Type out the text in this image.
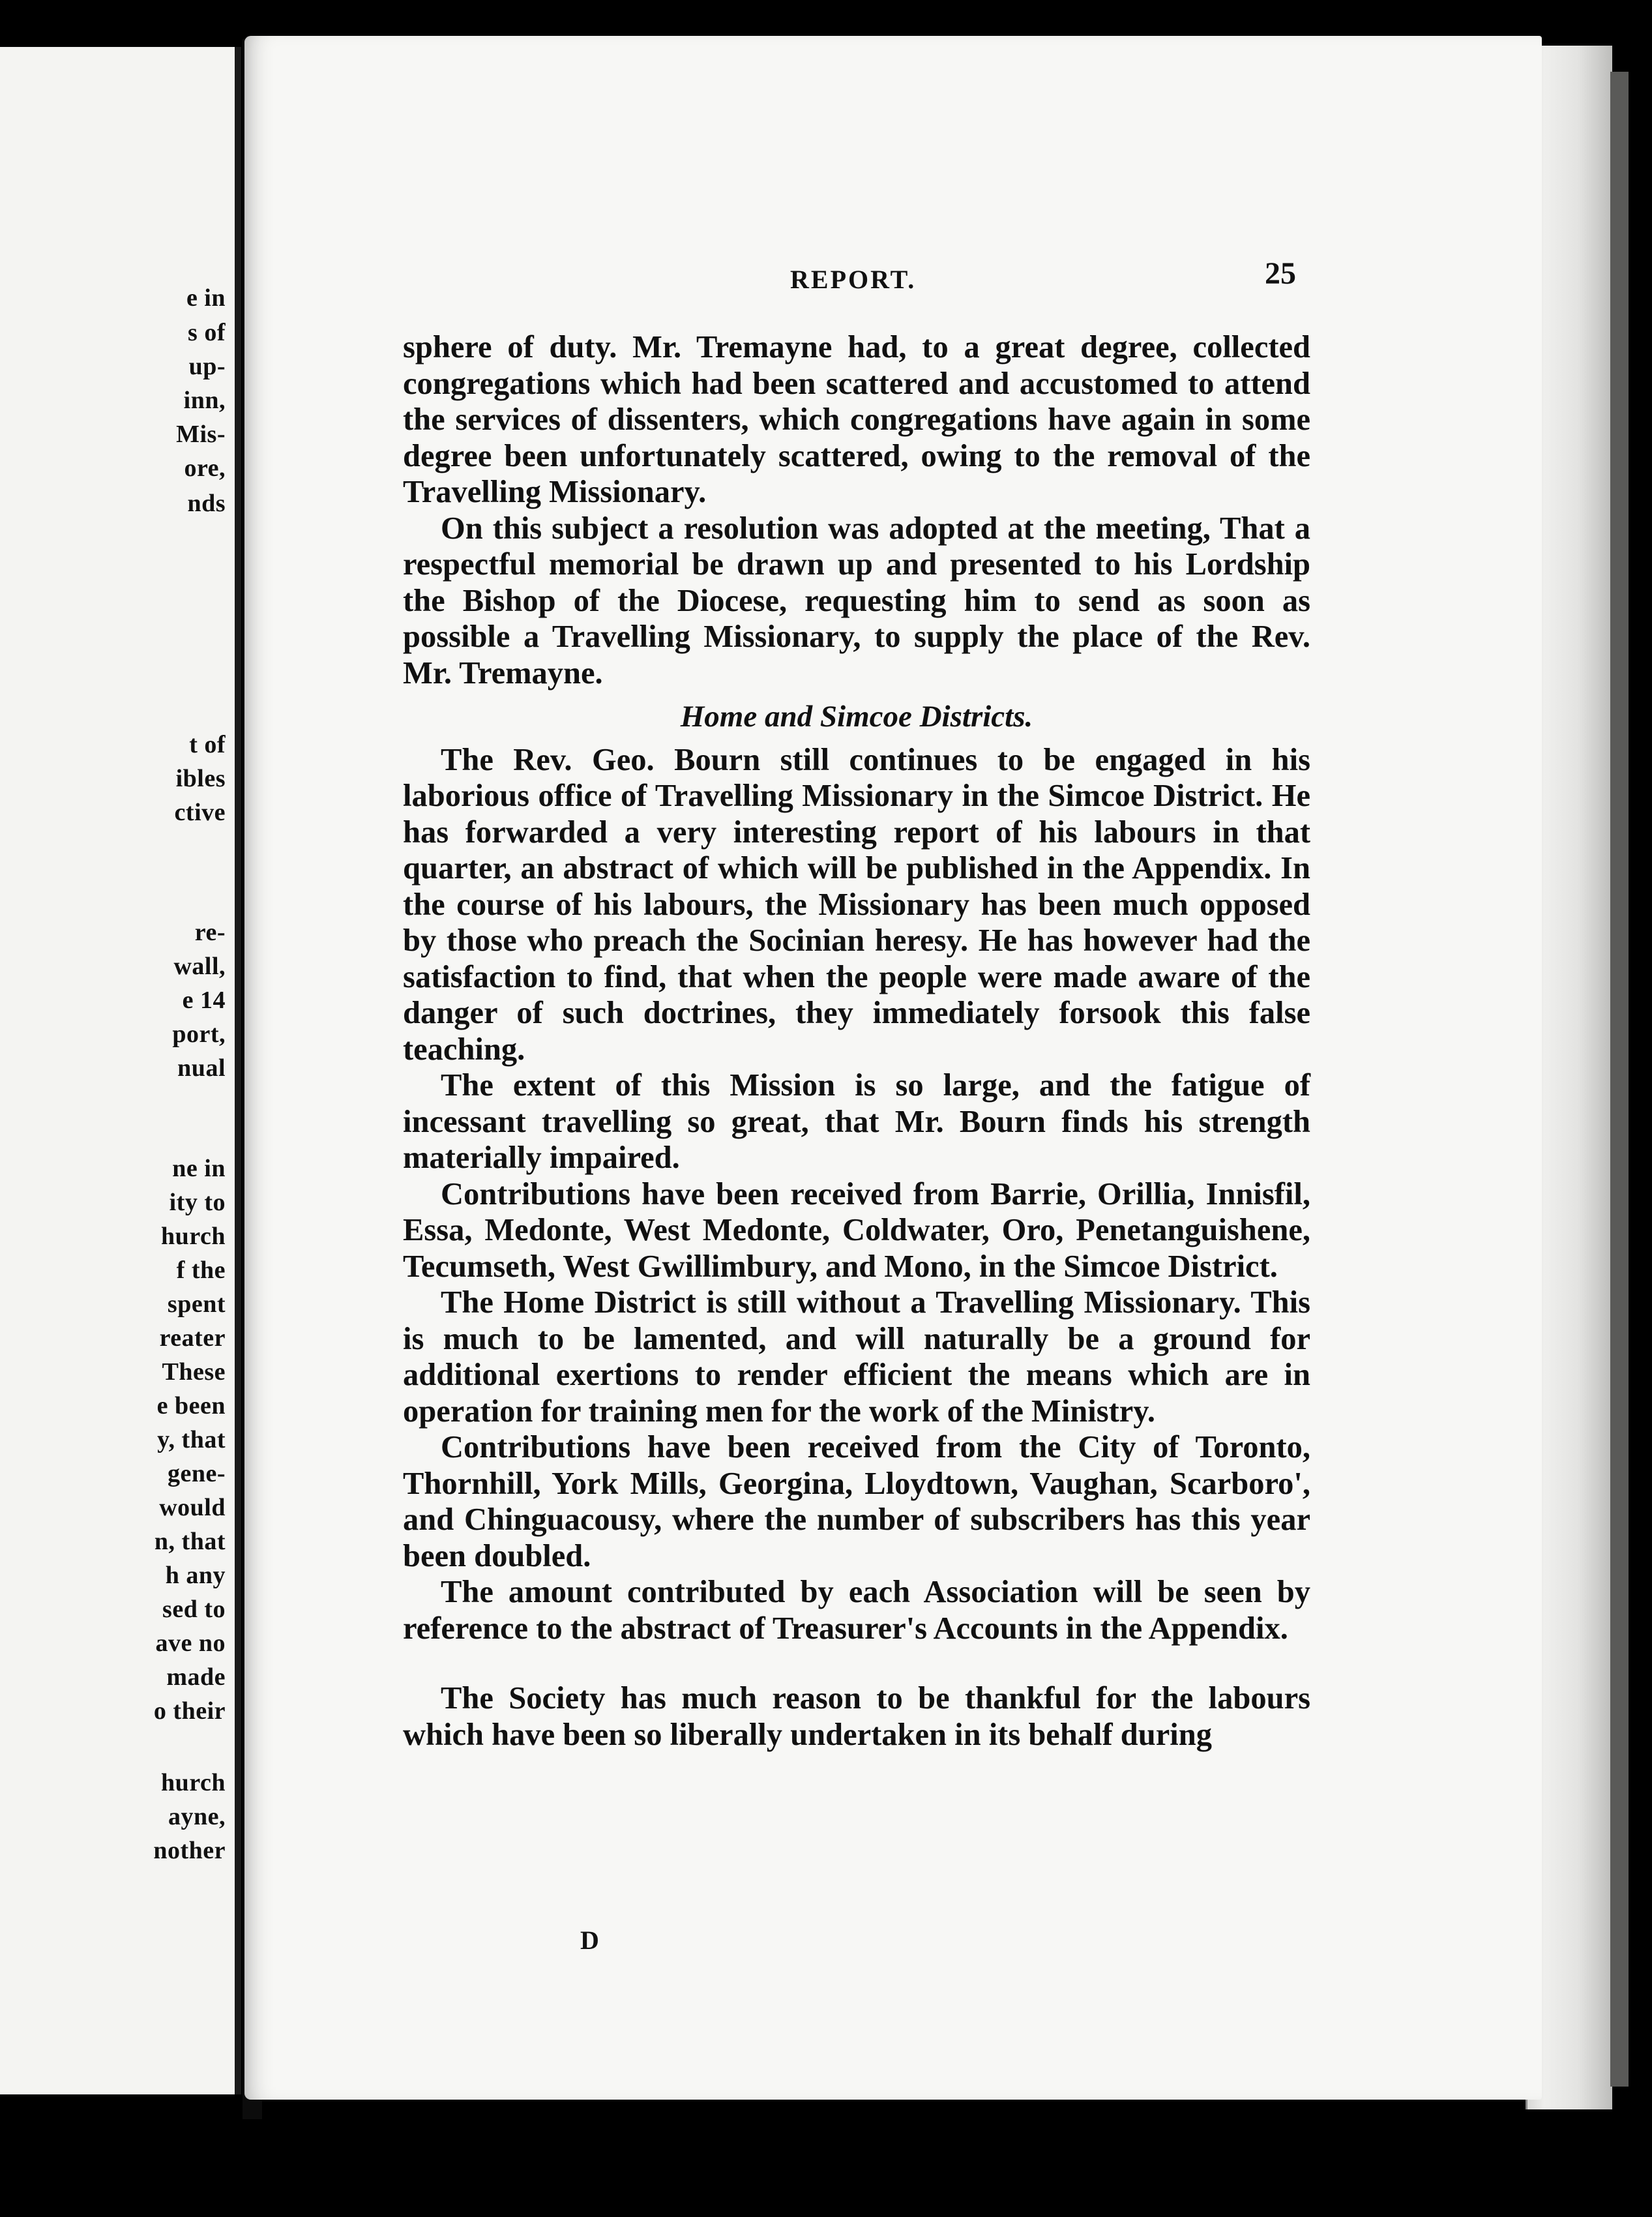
e in
s of
up-
inn,
Mis-
ore,
nds
t of
ibles
ctive
re-
wall,
e 14
port,
nual
ne in
ity to
hurch
f the
spent
reater
These
e been
y, that
gene-
would
n, that
h any
sed to
ave no
made
o their
hurch
ayne,
nother
REPORT.	25

sphere of duty. Mr. Tremayne had, to a great degree, collected congregations which had been scattered and accustomed to attend the services of dissenters, which congregations have again in some degree been unfortunately scattered, owing to the removal of the Travelling Missionary.

On this subject a resolution was adopted at the meeting, That a respectful memorial be drawn up and presented to his Lordship the Bishop of the Diocese, requesting him to send as soon as possible a Travelling Missionary, to supply the place of the Rev. Mr. Tremayne.

Home and Simcoe Districts.

The Rev. Geo. Bourn still continues to be engaged in his laborious office of Travelling Missionary in the Simcoe District. He has forwarded a very interesting report of his labours in that quarter, an abstract of which will be published in the Appendix. In the course of his labours, the Missionary has been much opposed by those who preach the Socinian heresy. He has however had the satisfaction to find, that when the people were made aware of the danger of such doctrines, they immediately forsook this false teaching.

The extent of this Mission is so large, and the fatigue of incessant travelling so great, that Mr. Bourn finds his strength materially impaired.

Contributions have been received from Barrie, Orillia, Innisfil, Essa, Medonte, West Medonte, Coldwater, Oro, Penetanguishene, Tecumseth, West Gwillimbury, and Mono, in the Simcoe District.

The Home District is still without a Travelling Missionary. This is much to be lamented, and will naturally be a ground for additional exertions to render efficient the means which are in operation for training men for the work of the Ministry.

Contributions have been received from the City of Toronto, Thornhill, York Mills, Georgina, Lloydtown, Vaughan, Scarboro', and Chinguacousy, where the number of subscribers has this year been doubled.

The amount contributed by each Association will be seen by reference to the abstract of Treasurer's Accounts in the Appendix.

The Society has much reason to be thankful for the labours which have been so liberally undertaken in its behalf during

D
